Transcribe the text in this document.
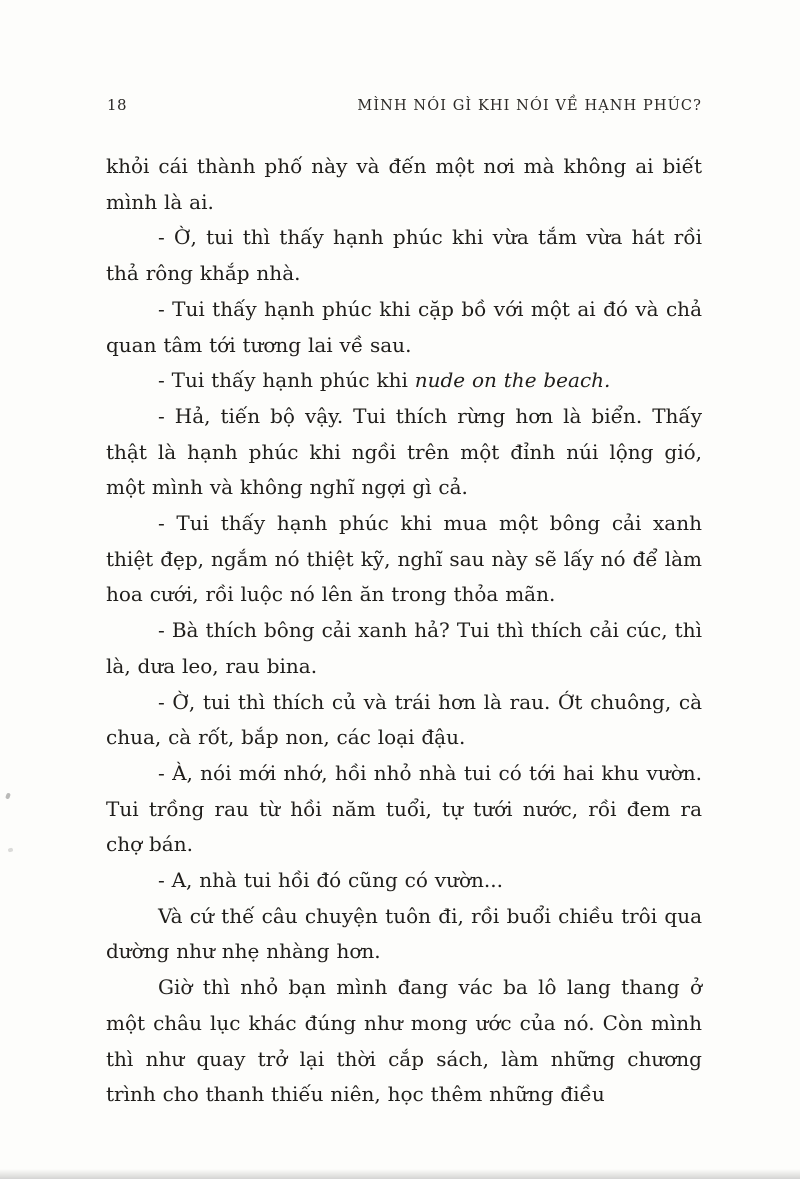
18	MÌNH NÓI GÌ KHI NÓI VỀ HẠNH PHÚC?

khỏi cái thành phố này và đến một nơi mà không ai biết mình là ai.

- Ờ, tui thì thấy hạnh phúc khi vừa tắm vừa hát rồi thả rông khắp nhà.

- Tui thấy hạnh phúc khi cặp bồ với một ai đó và chả quan tâm tới tương lai về sau.

- Tui thấy hạnh phúc khi nude on the beach.

- Hả, tiến bộ vậy. Tui thích rừng hơn là biển. Thấy thật là hạnh phúc khi ngồi trên một đỉnh núi lộng gió, một mình và không nghĩ ngợi gì cả.

- Tui thấy hạnh phúc khi mua một bông cải xanh thiệt đẹp, ngắm nó thiệt kỹ, nghĩ sau này sẽ lấy nó để làm hoa cưới, rồi luộc nó lên ăn trong thỏa mãn.

- Bà thích bông cải xanh hả? Tui thì thích cải cúc, thì là, dưa leo, rau bina.

- Ờ, tui thì thích củ và trái hơn là rau. Ớt chuông, cà chua, cà rốt, bắp non, các loại đậu.

- À, nói mới nhớ, hồi nhỏ nhà tui có tới hai khu vườn. Tui trồng rau từ hồi năm tuổi, tự tưới nước, rồi đem ra chợ bán.

- A, nhà tui hồi đó cũng có vườn...

Và cứ thế câu chuyện tuôn đi, rồi buổi chiều trôi qua dường như nhẹ nhàng hơn.

Giờ thì nhỏ bạn mình đang vác ba lô lang thang ở một châu lục khác đúng như mong ước của nó. Còn mình thì như quay trở lại thời cắp sách, làm những chương trình cho thanh thiếu niên, học thêm những điều
